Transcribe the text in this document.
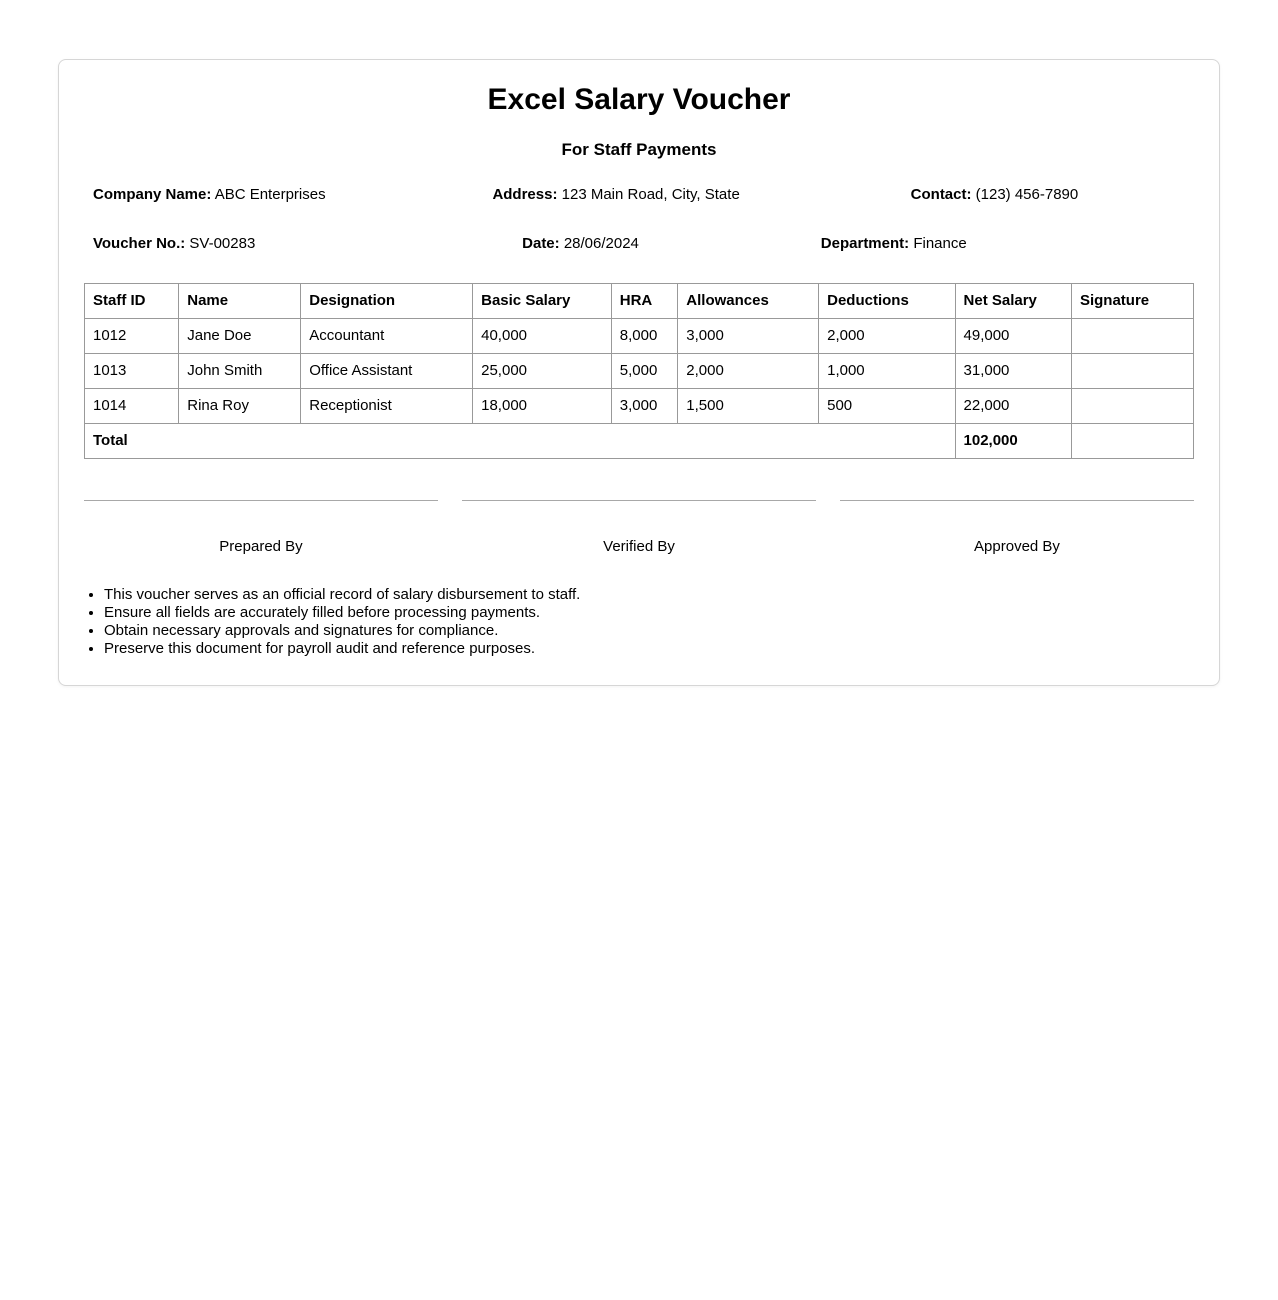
Excel Salary Voucher
For Staff Payments
Company Name: ABC Enterprises	Address: 123 Main Road, City, State	Contact: (123) 456-7890
Voucher No.: SV-00283	Date: 28/06/2024	Department: Finance
Staff ID	Name	Designation	Basic Salary	HRA	Allowances	Deductions	Net Salary	Signature
1012	Jane Doe	Accountant	40,000	8,000	3,000	2,000	49,000	
1013	John Smith	Office Assistant	25,000	5,000	2,000	1,000	31,000	
1014	Rina Roy	Receptionist	18,000	3,000	1,500	500	22,000	
Total							102,000	
Prepared By	Verified By	Approved By
• This voucher serves as an official record of salary disbursement to staff.
• Ensure all fields are accurately filled before processing payments.
• Obtain necessary approvals and signatures for compliance.
• Preserve this document for payroll audit and reference purposes.
